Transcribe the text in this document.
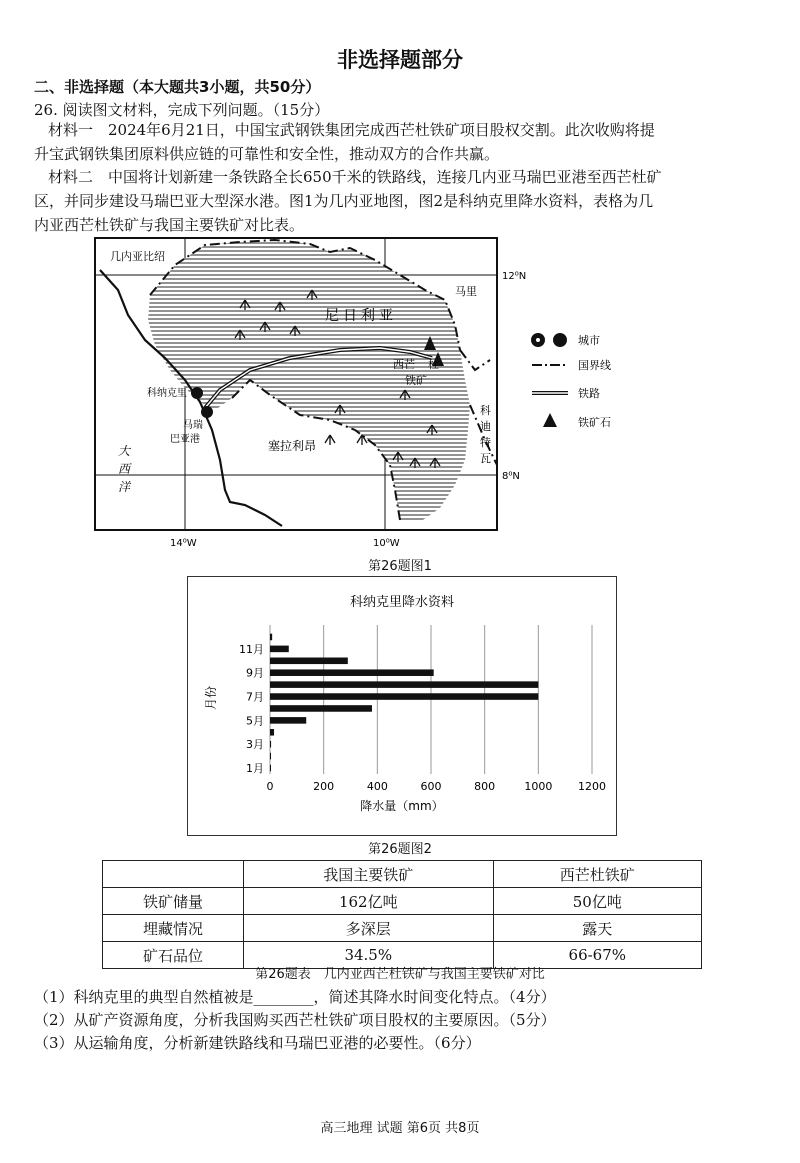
非选择题部分
二、非选择题（本大题共3小题，共50分）
26. 阅读图文材料，完成下列问题。（15分）
材料一　2024年6月21日，中国宝武钢铁集团完成西芒杜铁矿项目股权交割。此次收购将提
升宝武钢铁集团原料供应链的可靠性和安全性，推动双方的合作共赢。
材料二　中国将计划新建一条铁路全长650千米的铁路线，连接几内亚马瑞巴亚港至西芒杜矿
区，并同步建设马瑞巴亚大型深水港。图1为几内亚地图，图2是科纳克里降水资料，表格为几
内亚西芒杜铁矿与我国主要铁矿对比表。
几内亚比绍
12⁰N
马里
尼日利亚
西芒 杜
铁矿
科纳克里
马瑞
巴亚港	塞拉利昂
大
西
洋
科
迪
特
瓦
8⁰N
14⁰W	10⁰W
城市
国界线
铁路
铁矿石
第26题图1
科纳克里降水资料
月份
降水量（mm）
0	200	400	600	800	1000 1200
1月
3月
5月
7月
9月
11月
第26题图2
	我国主要铁矿	西芒杜铁矿
铁矿储量	162亿吨	50亿吨
埋藏情况	多深层	露天
矿石品位	34.5%	66-67%
第26题表　几内亚西芒杜铁矿与我国主要铁矿对比
（1）科纳克里的典型自然植被是________，简述其降水时间变化特点。（4分）
（2）从矿产资源角度，分析我国购买西芒杜铁矿项目股权的主要原因。（5分）
（3）从运输角度，分析新建铁路线和马瑞巴亚港的必要性。（6分）
高三地理 试题 第6页 共8页
